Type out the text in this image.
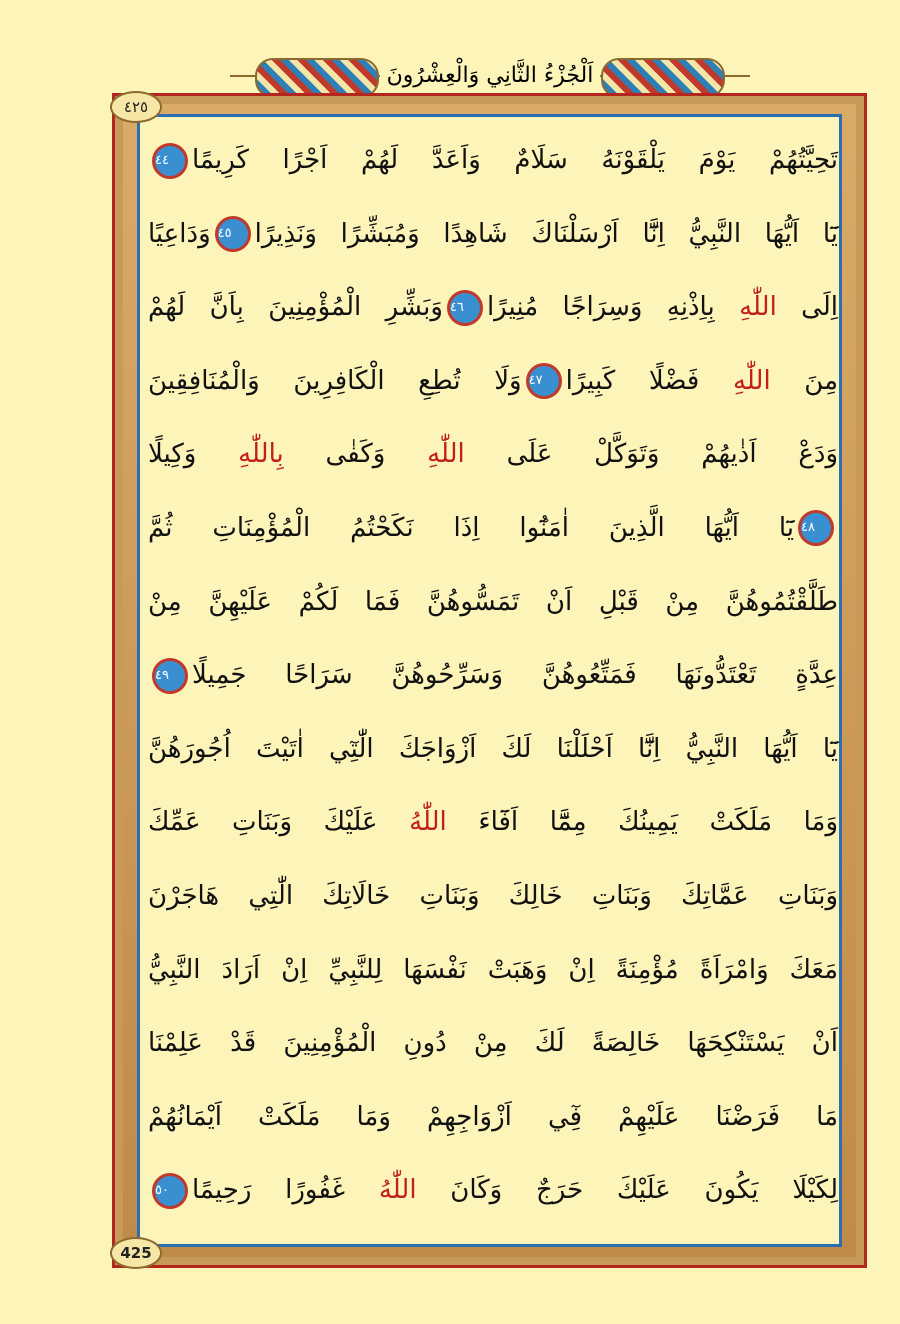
اَلْجُزْءُ الثَّانِي وَالْعِشْرُونَ
تَحِيَّتُهُمْ يَوْمَ يَلْقَوْنَهُ سَلَامٌ وَاَعَدَّ لَهُمْ اَجْرًا كَرِيمًا٤٤
يَٓا اَيُّهَا النَّبِيُّ اِنَّٓا اَرْسَلْنَاكَ شَاهِدًا وَمُبَشِّرًا وَنَذِيرًا٤٥وَدَاعِيًا
اِلَى اللّٰهِ بِاِذْنِهِ وَسِرَاجًا مُنِيرًا٤٦وَبَشِّرِ الْمُؤْمِنِينَ بِاَنَّ لَهُمْ
مِنَ اللّٰهِ فَضْلًا كَبِيرًا٤٧وَلَا تُطِعِ الْكَافِرِينَ وَالْمُنَافِقِينَ
وَدَعْ اَذٰيهُمْ وَتَوَكَّلْ عَلَى اللّٰهِ وَكَفٰى بِاللّٰهِ وَكِيلًا
٤٨يَٓا اَيُّهَا الَّذِينَ اٰمَنُٓوا اِذَا نَكَحْتُمُ الْمُؤْمِنَاتِ ثُمَّ
طَلَّقْتُمُوهُنَّ مِنْ قَبْلِ اَنْ تَمَسُّوهُنَّ فَمَا لَكُمْ عَلَيْهِنَّ مِنْ
عِدَّةٍ تَعْتَدُّونَهَا فَمَتِّعُوهُنَّ وَسَرِّحُوهُنَّ سَرَاحًا جَمِيلًا٤٩
يَٓا اَيُّهَا النَّبِيُّ اِنَّٓا اَحْلَلْنَا لَكَ اَزْوَاجَكَ الّٰتِٓي اٰتَيْتَ اُجُورَهُنَّ
وَمَا مَلَكَتْ يَمِينُكَ مِمَّٓا اَفَٓاءَ اللّٰهُ عَلَيْكَ وَبَنَاتِ عَمِّكَ
وَبَنَاتِ عَمَّاتِكَ وَبَنَاتِ خَالِكَ وَبَنَاتِ خَالَاتِكَ الّٰتِي هَاجَرْنَ
مَعَكَ وَامْرَاَةً مُؤْمِنَةً اِنْ وَهَبَتْ نَفْسَهَا لِلنَّبِيِّ اِنْ اَرَادَ النَّبِيُّ
اَنْ يَسْتَنْكِحَهَا خَالِصَةً لَكَ مِنْ دُونِ الْمُؤْمِنِينَ قَدْ عَلِمْنَا
مَا فَرَضْنَا عَلَيْهِمْ فِٓي اَزْوَاجِهِمْ وَمَا مَلَكَتْ اَيْمَانُهُمْ
لِكَيْلَا يَكُونَ عَلَيْكَ حَرَجٌ وَكَانَ اللّٰهُ غَفُورًا رَحِيمًا٥٠
٤٢٥
425
